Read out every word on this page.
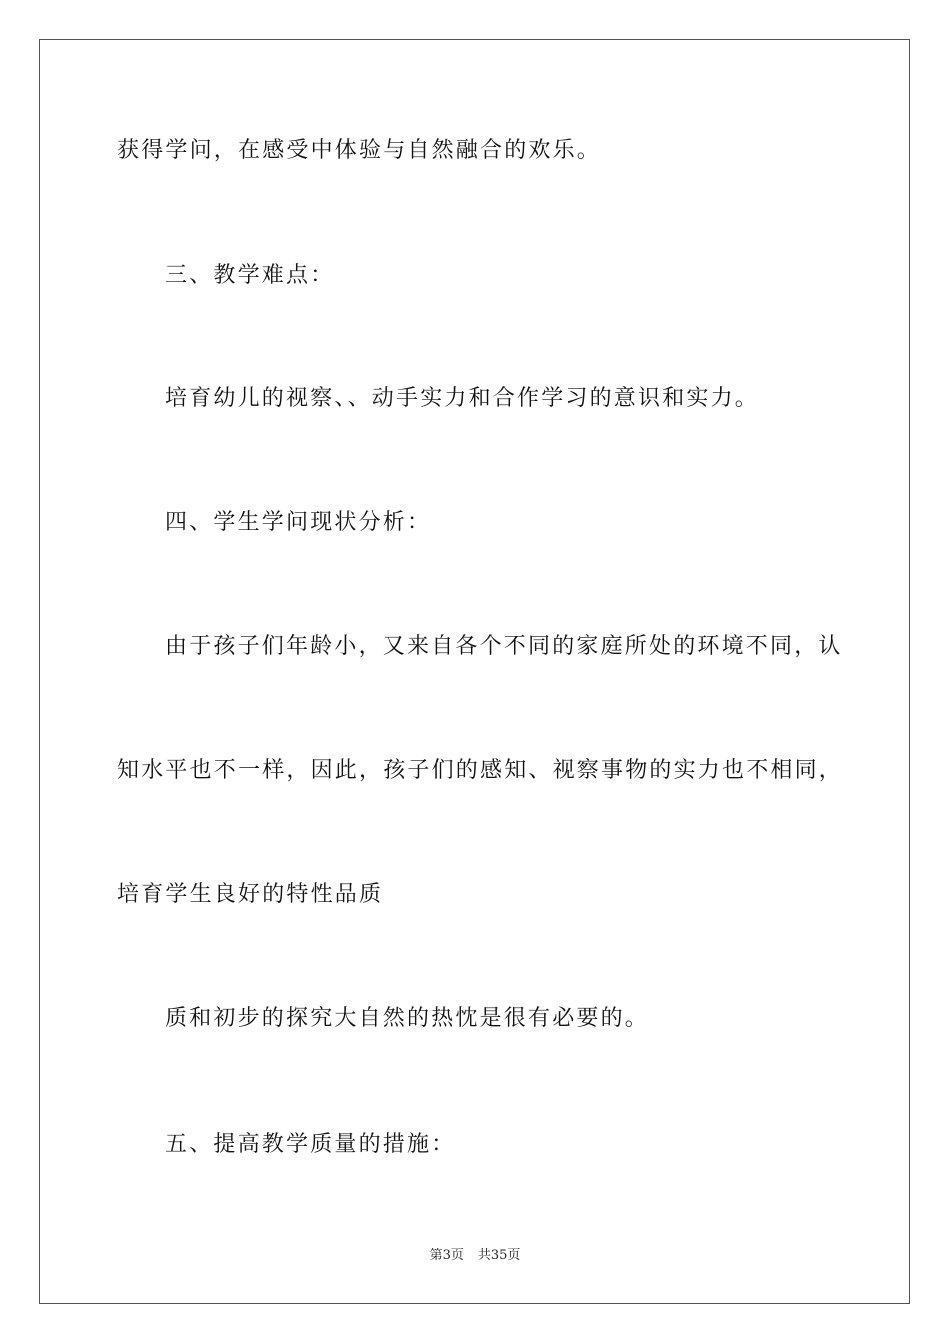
获得学问，在感受中体验与自然融合的欢乐。
三、教学难点：
培育幼儿的视察、、动手实力和合作学习的意识和实力。
四、学生学问现状分析：
由于孩子们年龄小，又来自各个不同的家庭所处的环境不同，认
知水平也不一样，因此，孩子们的感知、视察事物的实力也不相同，
培育学生良好的特性品质
质和初步的探究大自然的热忱是很有必要的。
五、提高教学质量的措施：
第3页 共35页
